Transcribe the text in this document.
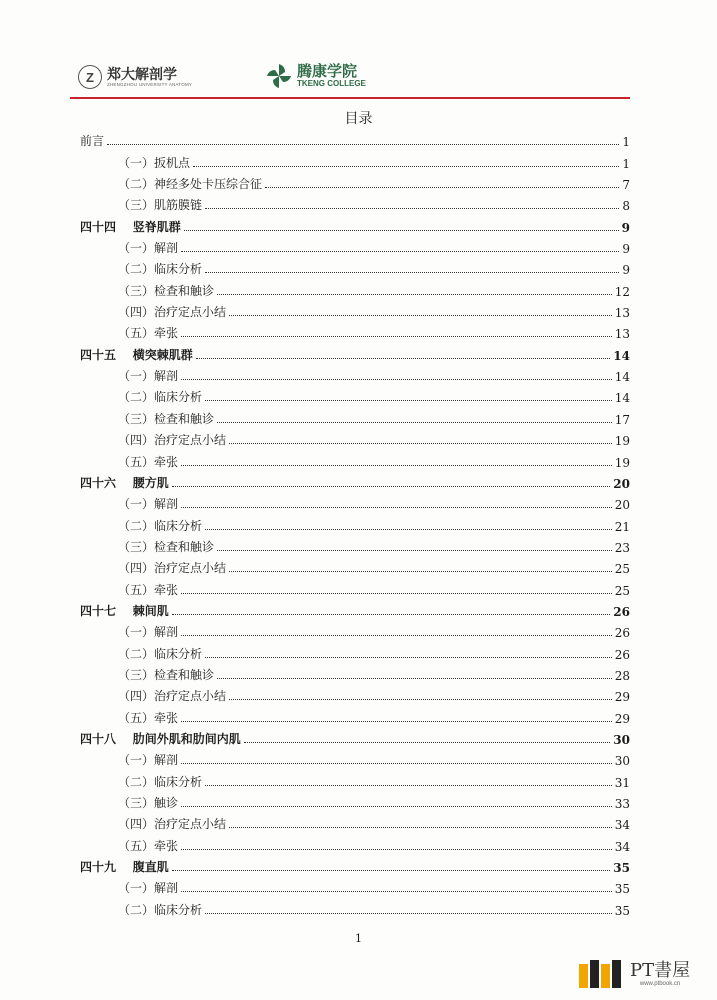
Z 郑大解剖学
ZHENGZHOU UNIVERSITY ANATOMY
腾康学院
TKENG COLLEGE
目录
前言	1
（一）扳机点	1
（二）神经多处卡压综合征	7
（三）肌筋膜链	8
四十四    竖脊肌群	9
（一）解剖	9
（二）临床分析	9
（三）检查和触诊	12
（四）治疗定点小结	13
（五）牵张	13
四十五    横突棘肌群	14
（一）解剖	14
（二）临床分析	14
（三）检查和触诊	17
（四）治疗定点小结	19
（五）牵张	19
四十六    腰方肌	20
（一）解剖	20
（二）临床分析	21
（三）检查和触诊	23
（四）治疗定点小结	25
（五）牵张	25
四十七    棘间肌	26
（一）解剖	26
（二）临床分析	26
（三）检查和触诊	28
（四）治疗定点小结	29
（五）牵张	29
四十八    肋间外肌和肋间内肌	30
（一）解剖	30
（二）临床分析	31
（三）触诊	33
（四）治疗定点小结	34
（五）牵张	34
四十九    腹直肌	35
（一）解剖	35
（二）临床分析	35
1
PT書屋
www.ptbook.cn
